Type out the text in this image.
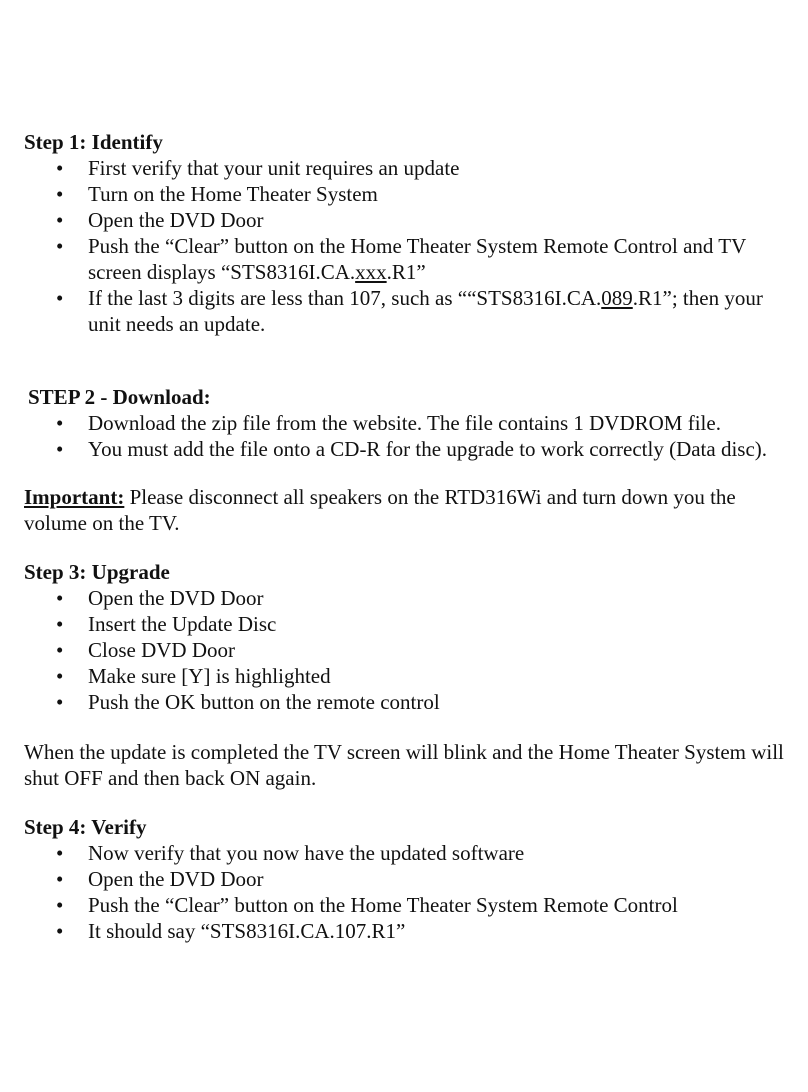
Step 1: Identify
• First verify that your unit requires an update
• Turn on the Home Theater System
• Open the DVD Door
• Push the “Clear” button on the Home Theater System Remote Control and TV screen displays “STS8316I.CA.xxx.R1”
• If the last 3 digits are less than 107, such as ““STS8316I.CA.089.R1”; then your unit needs an update.
STEP 2 - Download:
• Download the zip file from the website. The file contains 1 DVDROM file.
• You must add the file onto a CD-R for the upgrade to work correctly (Data disc).
Important: Please disconnect all speakers on the RTD316Wi and turn down you the volume on the TV.
Step 3: Upgrade
• Open the DVD Door
• Insert the Update Disc
• Close DVD Door
• Make sure [Y] is highlighted
• Push the OK button on the remote control
When the update is completed the TV screen will blink and the Home Theater System will shut OFF and then back ON again.
Step 4: Verify
• Now verify that you now have the updated software
• Open the DVD Door
• Push the “Clear” button on the Home Theater System Remote Control
• It should say “STS8316I.CA.107.R1”
